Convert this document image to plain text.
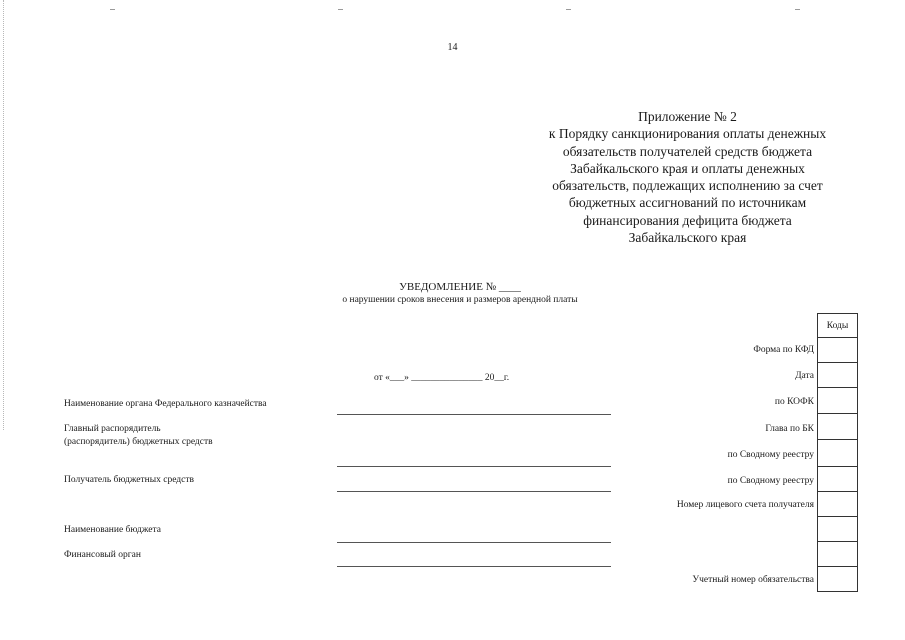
14
Приложение № 2
к Порядку санкционирования оплаты денежных
обязательств получателей средств бюджета
Забайкальского края и оплаты денежных
обязательств, подлежащих исполнению за счет
бюджетных ассигнований по источникам
финансирования дефицита бюджета
Забайкальского края
УВЕДОМЛЕНИЕ № ____
о нарушении сроков внесения и размеров арендной платы
от «___» _______________ 20__г.
Наименование органа Федерального казначейства
Главный распорядитель
(распорядитель) бюджетных средств
Получатель бюджетных средств
Наименование бюджета
Финансовый орган
Коды
Форма по КФД
Дата
по КОФК
Глава по БК
по Сводному реестру
по Сводному реестру
Номер лицевого счета получателя
Учетный номер обязательства
